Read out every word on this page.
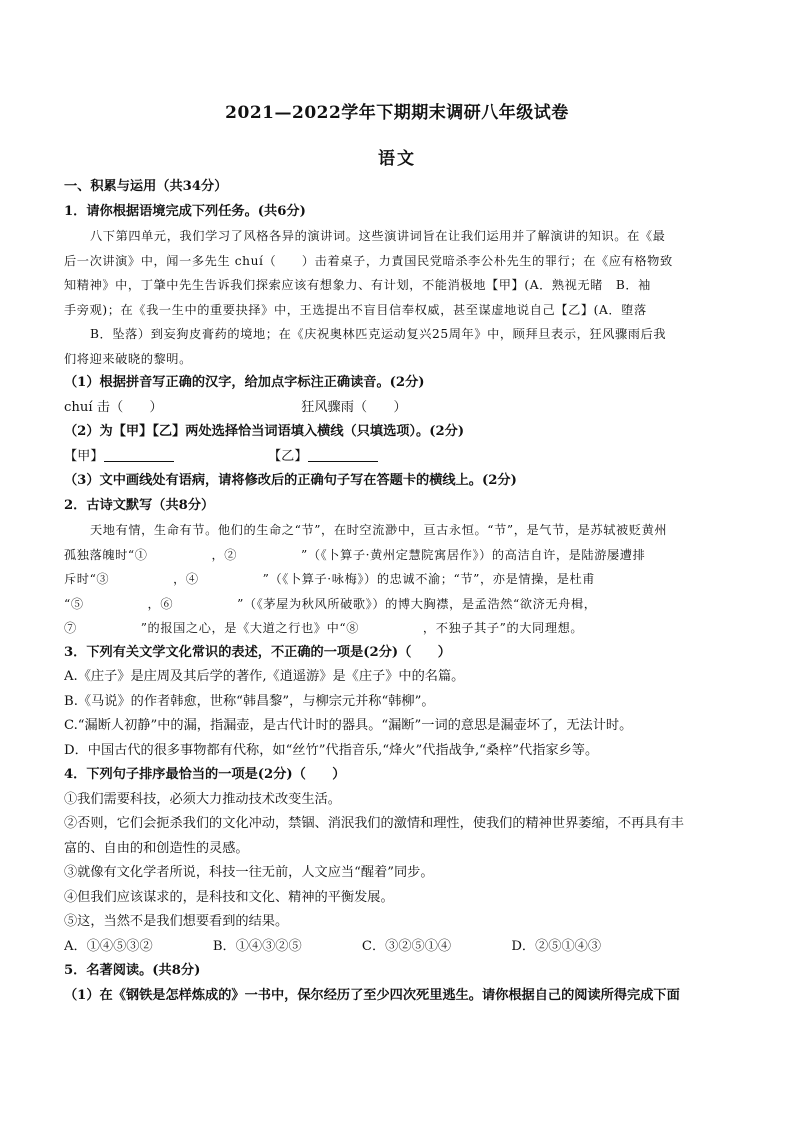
2021—2022学年下期期末调研八年级试卷
语文
一、积累与运用（共34分）
1．请你根据语境完成下列任务。(共6分)
八下第四单元，我们学习了风格各异的演讲词。这些演讲词旨在让我们运用并了解演讲的知识。在《最
后一次讲演》中，闻一多先生 chuí（　　）击着桌子，力責国民党暗杀李公朴先生的罪行；在《应有格物致
知精神》中，丁肇中先生告诉我们探索应该有想象力、有计划，不能消极地【甲】(A．熟视无睹　B．袖
手旁观)；在《我一生中的重要抉择》中，王选提出不盲目信奉权威，甚至谋虚地说自己【乙】(A．堕落
B．坠落）到妄狗皮膏药的境地；在《庆祝奥林匹克运动复兴25周年》中，顾拜旦表示，狂风骤雨后我
们将迎来破晓的黎明。
（1）根据拼音写正确的汉字，给加点字标注正确读音。(2分)
chuí 击（　　）	狂风骤雨（　　）
（2）为【甲】【乙】两处选择恰当词语填入横线（只填选项）。(2分)
【甲】	【乙】
（3）文中画线处有语病，请将修改后的正确句子写在答题卡的横线上。(2分)
2．古诗文默写（共8分）
天地有情，生命有节。他们的生命之“节”，在时空流渺中，亘古永恒。“节”，是气节，是苏轼被贬黄州
孤独落魄时“①　　　　　，②　　　　　”（《卜算子·黄州定慧院寓居作》）的高洁自许，是陆游屡遭排
斥时“③　　　　　，④　　　　　”（《卜算子·咏梅》）的忠诚不渝；“节”，亦是情操，是杜甫
“⑤　　　　　，⑥　　　　　”（《茅屋为秋风所破歌》）的博大胸襟，是孟浩然“欲济无舟楫，
⑦　　　　　”的报国之心，是《大道之行也》中“⑧　　　　　，不独子其子”的大同理想。
3．下列有关文学文化常识的表述，不正确的一项是(2分)（　　）
A.《庄子》是庄周及其后学的著作,《逍遥游》是《庄子》中的名篇。
B.《马说》的作者韩愈，世称“韩昌黎”，与柳宗元并称“韩柳”。
C.“漏断人初静”中的漏，指漏壶，是古代计时的器具。“漏断”一词的意思是漏壶坏了，无法计时。
D．中国古代的很多事物都有代称，如“丝竹”代指音乐,“烽火”代指战争,“桑梓”代指家乡等。
4．下列句子排序最恰当的一项是(2分)（　　）
①我们需要科技，必须大力推动技术改变生活。
②否则，它们会扼杀我们的文化冲动，禁锢、消泯我们的激情和理性，使我们的精神世界萎缩，不再具有丰
富的、自由的和创造性的灵感。
③就像有文化学者所说，科技一往无前，人文应当“醒着”同步。
④但我们应该谋求的，是科技和文化、精神的平衡发展。
⑤这，当然不是我们想要看到的结果。
A．①④⑤③②	B．①④③②⑤	C．③②⑤①④	D．②⑤①④③
5．名著阅读。(共8分)
（1）在《钢铁是怎样炼成的》一书中，保尔经历了至少四次死里逃生。请你根据自己的阅读所得完成下面
